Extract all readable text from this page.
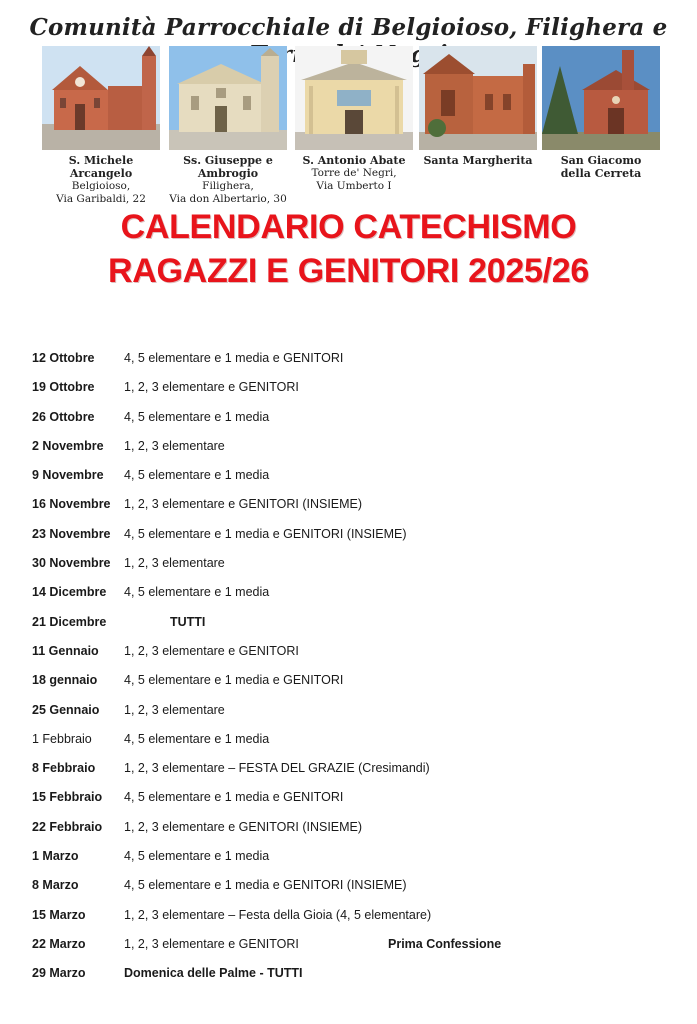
Comunità Parrocchiale di Belgioioso, Filighera e
S. Michele Arcangelo
Belgioioso,
Via Garibaldi, 22
Ss. Giuseppe e Ambrogio
Filighera,
Via don Albertario, 30
S. Antonio Abate
Torre de' Negri,
Via Umberto I
Santa Margherita	San Giacomo
della Cerreta
CALENDARIO CATECHISMO
RAGAZZI E GENITORI 2025/26
12 Ottobre 4, 5 elementare e 1 media e GENITORI
19 Ottobre 1, 2, 3 elementare e GENITORI
26 Ottobre 4, 5 elementare e 1 media
2 Novembre 1, 2, 3 elementare
9 Novembre 4, 5 elementare e 1 media
16 Novembre 1, 2, 3 elementare e GENITORI (INSIEME)
23 Novembre 4, 5 elementare e 1 media e GENITORI (INSIEME)
30 Novembre 1, 2, 3 elementare
14 Dicembre 4, 5 elementare e 1 media
21 Dicembre	TUTTI
11 Gennaio 1, 2, 3 elementare e GENITORI
18 gennaio 4, 5 elementare e 1 media e GENITORI
25 Gennaio 1, 2, 3 elementare
1 Febbraio	4, 5 elementare e 1 media
8 Febbraio 1, 2, 3 elementare – FESTA DEL GRAZIE (Cresimandi)
15 Febbraio 4, 5 elementare e 1 media e GENITORI
22 Febbraio 1, 2, 3 elementare e GENITORI (INSIEME)
1 Marzo	4, 5 elementare e 1 media
8 Marzo	4, 5 elementare e 1 media e GENITORI (INSIEME)
15 Marzo	1, 2, 3 elementare – Festa della Gioia (4, 5 elementare)
22 Marzo	1, 2, 3 elementare e GENITORI	Prima Confessione
29 Marzo	Domenica delle Palme - TUTTI
